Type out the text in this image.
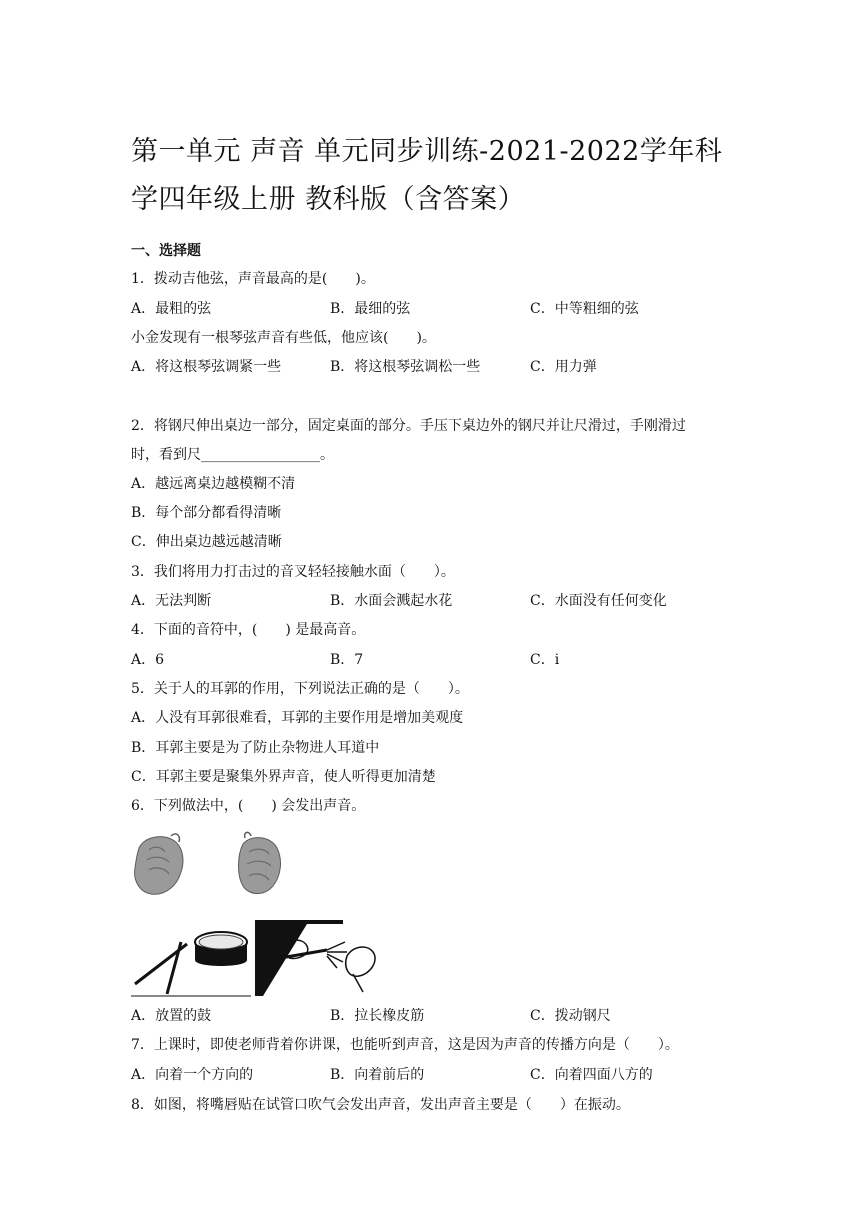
第一单元 声音 单元同步训练-2021-2022学年科学四年级上册 教科版（含答案）
一、选择题
1．拨动吉他弦，声音最高的是(　　)。
A．最粗的弦	B．最细的弦	C．中等粗细的弦
小金发现有一根琴弦声音有些低，他应该(　　)。
A．将这根琴弦调紧一些	B．将这根琴弦调松一些	C．用力弹
2．将钢尺伸出桌边一部分，固定桌面的部分。手压下桌边外的钢尺并让尺滑过，手刚滑过
时，看到尺_________________。
A．越远离桌边越模糊不清
B．每个部分都看得清晰
C．伸出桌边越远越清晰
3．我们将用力打击过的音叉轻轻接触水面（　　）。
A．无法判断	B．水面会溅起水花	C．水面没有任何变化
4．下面的音符中，(　　) 是最高音。
A．6	B．7	C．i
5．关于人的耳郭的作用，下列说法正确的是（　　）。
A．人没有耳郭很难看，耳郭的主要作用是增加美观度
B．耳郭主要是为了防止杂物进人耳道中
C．耳郭主要是聚集外界声音，使人听得更加清楚
6．下列做法中，(　　) 会发出声音。
A．放置的鼓	B．拉长橡皮筋	C．拨动钢尺
7．上课时，即使老师背着你讲课，也能听到声音，这是因为声音的传播方向是（　　）。
A．向着一个方向的	B．向着前后的	C．向着四面八方的
8．如图，将嘴唇贴在试管口吹气会发出声音，发出声音主要是（　　）在振动。
